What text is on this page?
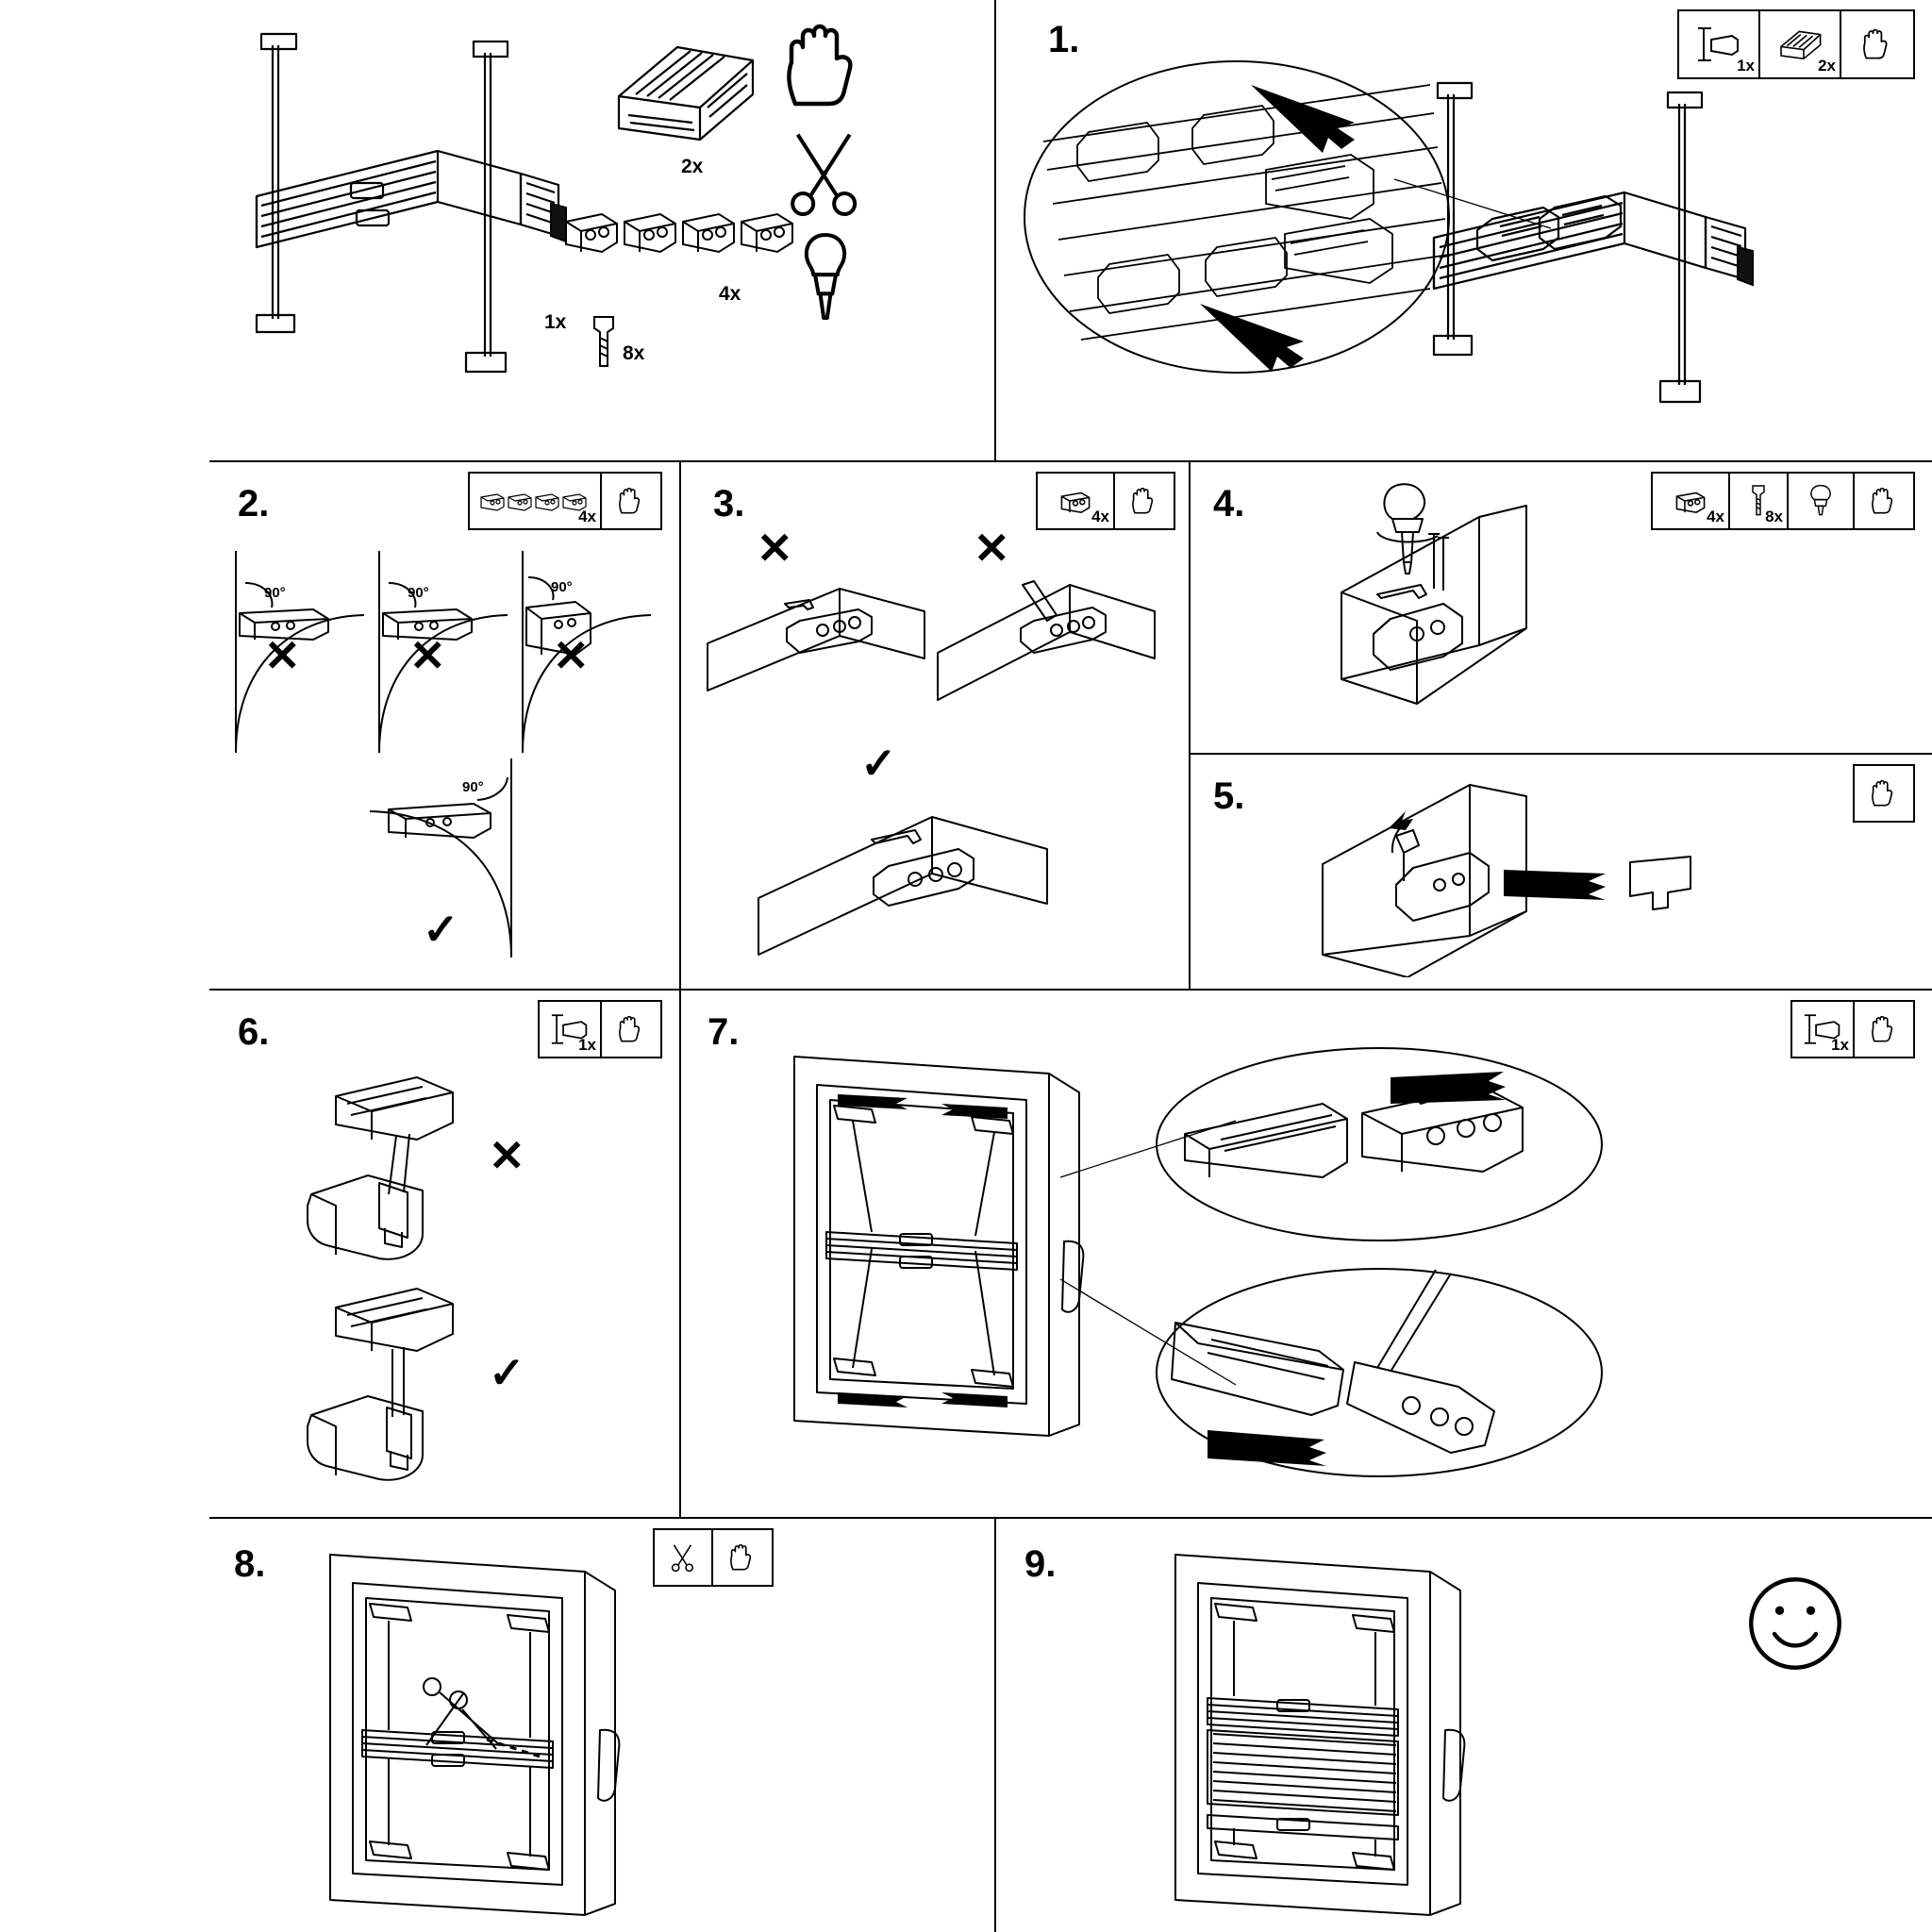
1x
2x
4x
8x
1.
1x	2x
2.	4x
90°	90°	90°
✕	✕ ✕
90°
✓
3.	4x
✕	✕
✓
4.	4x	8x
5.
6.	1x
✕
✓
7.	1x
8.	9.
